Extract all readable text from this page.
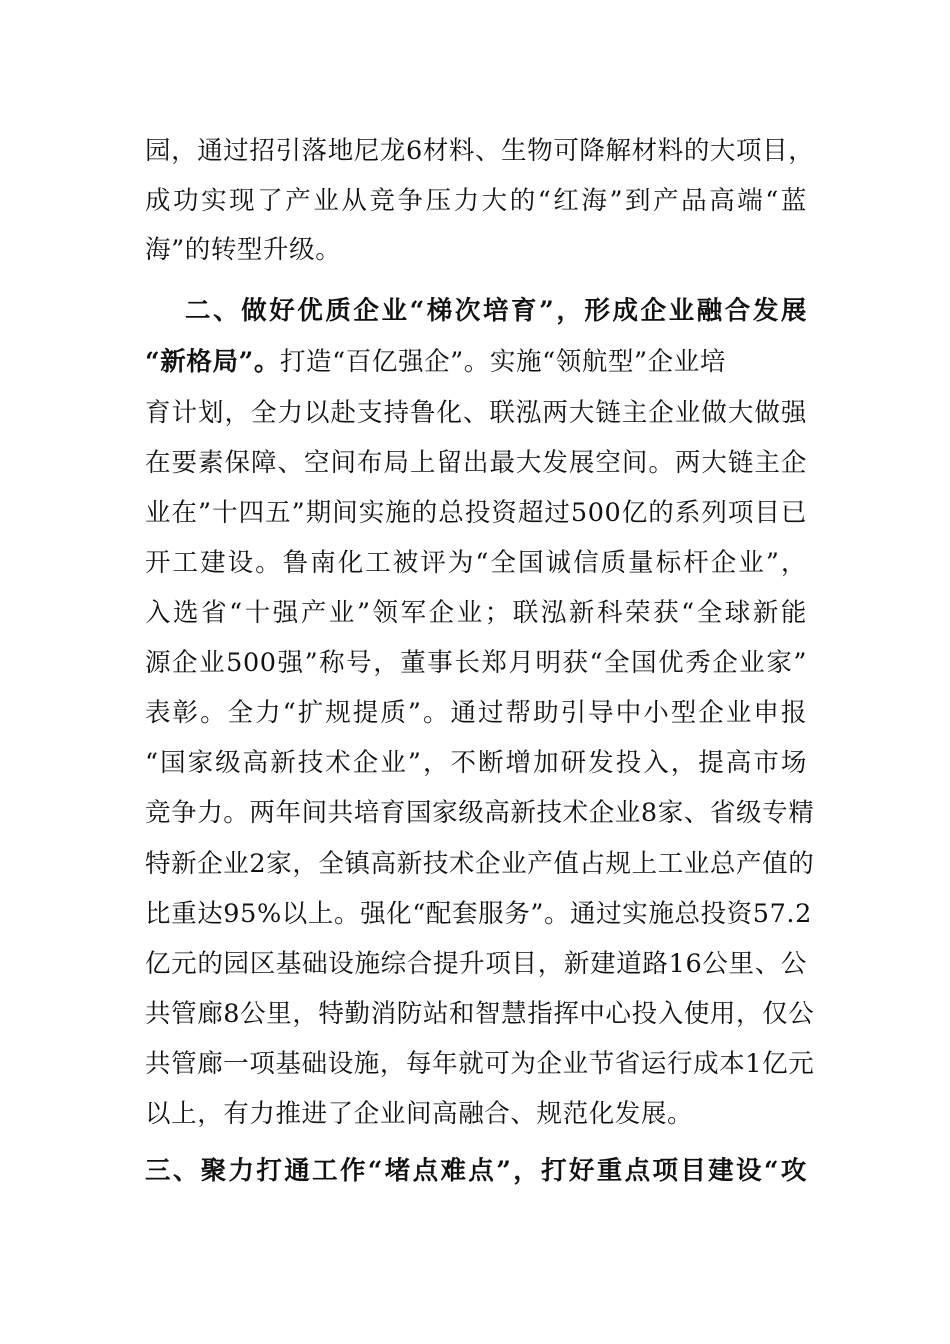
园，通过招引落地尼龙6材料、生物可降解材料的大项目，
成功实现了产业从竞争压力大的“红海”到产品高端“蓝
海”的转型升级。
二、做好优质企业“梯次培育”，形成企业融合发展
“新格局”。打造“百亿强企”。实施“领航型”企业培
育计划，全力以赴支持鲁化、联泓两大链主企业做大做强
在要素保障、空间布局上留出最大发展空间。两大链主企
业在”十四五”期间实施的总投资超过500亿的系列项目已
开工建设。鲁南化工被评为“全国诚信质量标杆企业”，
入选省“十强产业”领军企业；联泓新科荣获“全球新能
源企业500强”称号，董事长郑月明获“全国优秀企业家”
表彰。全力“扩规提质”。通过帮助引导中小型企业申报
“国家级高新技术企业”，不断增加研发投入，提高市场
竞争力。两年间共培育国家级高新技术企业8家、省级专精
特新企业2家，全镇高新技术企业产值占规上工业总产值的
比重达95%以上。强化“配套服务”。通过实施总投资57.2
亿元的园区基础设施综合提升项目，新建道路16公里、公
共管廊8公里，特勤消防站和智慧指挥中心投入使用，仅公
共管廊一项基础设施，每年就可为企业节省运行成本1亿元
以上，有力推进了企业间高融合、规范化发展。
三、聚力打通工作“堵点难点”，打好重点项目建设“攻
